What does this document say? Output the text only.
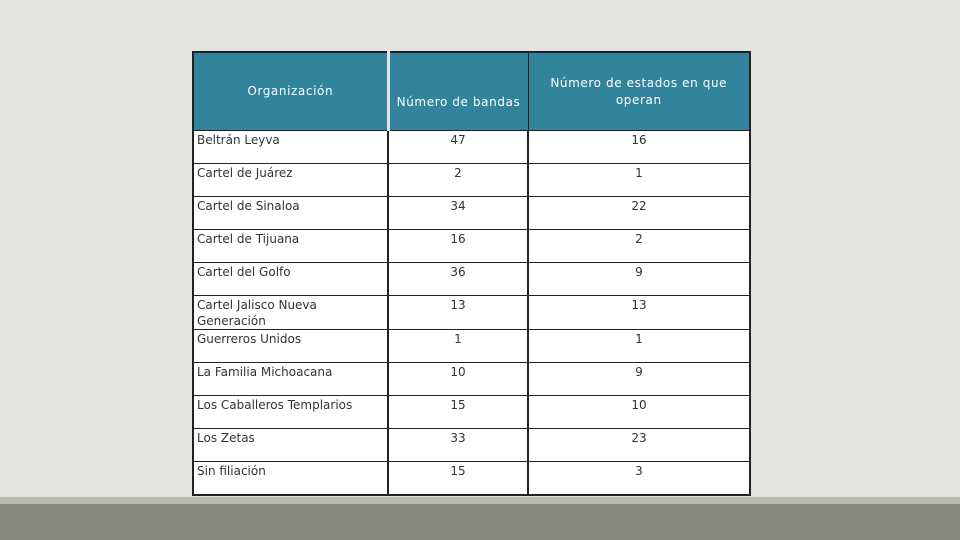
Organización	Número de bandas	Número de estados en que operan
Beltrán Leyva	47	16
Cartel de Juárez	2	1
Cartel de Sinaloa	34	22
Cartel de Tijuana	16	2
Cartel del Golfo	36	9
Cartel Jalisco Nueva Generación	13	13
Guerreros Unidos	1	1
La Familia Michoacana	10	9
Los Caballeros Templarios	15	10
Los Zetas	33	23
Sin filiación	15	3
